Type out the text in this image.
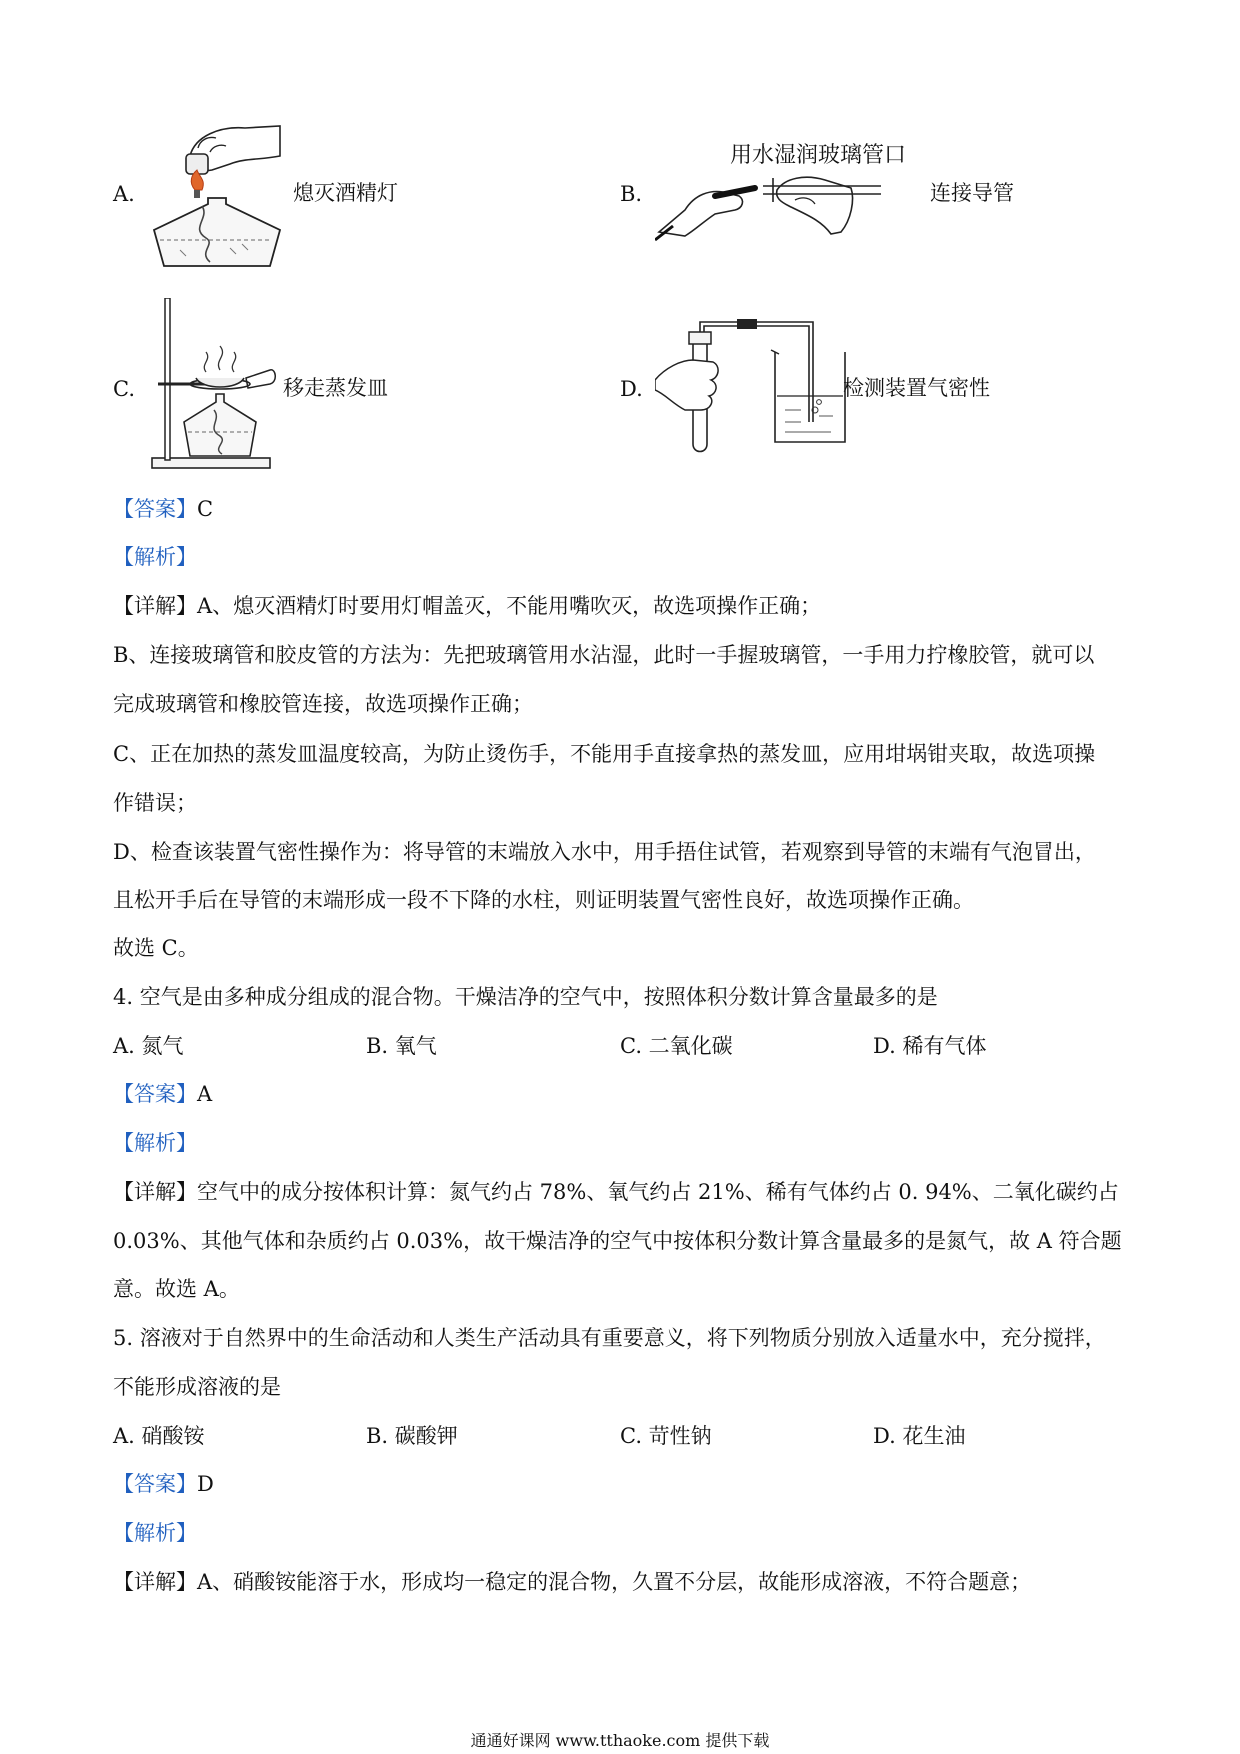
A.	熄灭酒精灯	B.
用水湿润玻璃管口
连接导管
C.	移走蒸发皿	D.	检测装置气密性
【答案】C
【解析】
【详解】A、熄灭酒精灯时要用灯帽盖灭，不能用嘴吹灭，故选项操作正确；
B、连接玻璃管和胶皮管的方法为：先把玻璃管用水沾湿，此时一手握玻璃管，一手用力拧橡胶管，就可以
完成玻璃管和橡胶管连接，故选项操作正确；
C、正在加热的蒸发皿温度较高，为防止烫伤手，不能用手直接拿热的蒸发皿，应用坩埚钳夹取，故选项操
作错误；
D、检查该装置气密性操作为：将导管的末端放入水中，用手捂住试管，若观察到导管的末端有气泡冒出，
且松开手后在导管的末端形成一段不下降的水柱，则证明装置气密性良好，故选项操作正确。
故选 C。
4. 空气是由多种成分组成的混合物。干燥洁净的空气中，按照体积分数计算含量最多的是
A. 氮气	B. 氧气	C. 二氧化碳	D. 稀有气体
【答案】A
【解析】
【详解】空气中的成分按体积计算：氮气约占 78%、氧气约占 21%、稀有气体约占 0. 94%、二氧化碳约占
0.03%、其他气体和杂质约占 0.03%，故干燥洁净的空气中按体积分数计算含量最多的是氮气，故 A 符合题
意。故选 A。
5. 溶液对于自然界中的生命活动和人类生产活动具有重要意义，将下列物质分别放入适量水中，充分搅拌，
不能形成溶液的是
A. 硝酸铵	B. 碳酸钾	C. 苛性钠	D. 花生油
【答案】D
【解析】
【详解】A、硝酸铵能溶于水，形成均一稳定的混合物，久置不分层，故能形成溶液，不符合题意；
通通好课网 www.tthaoke.com 提供下载
